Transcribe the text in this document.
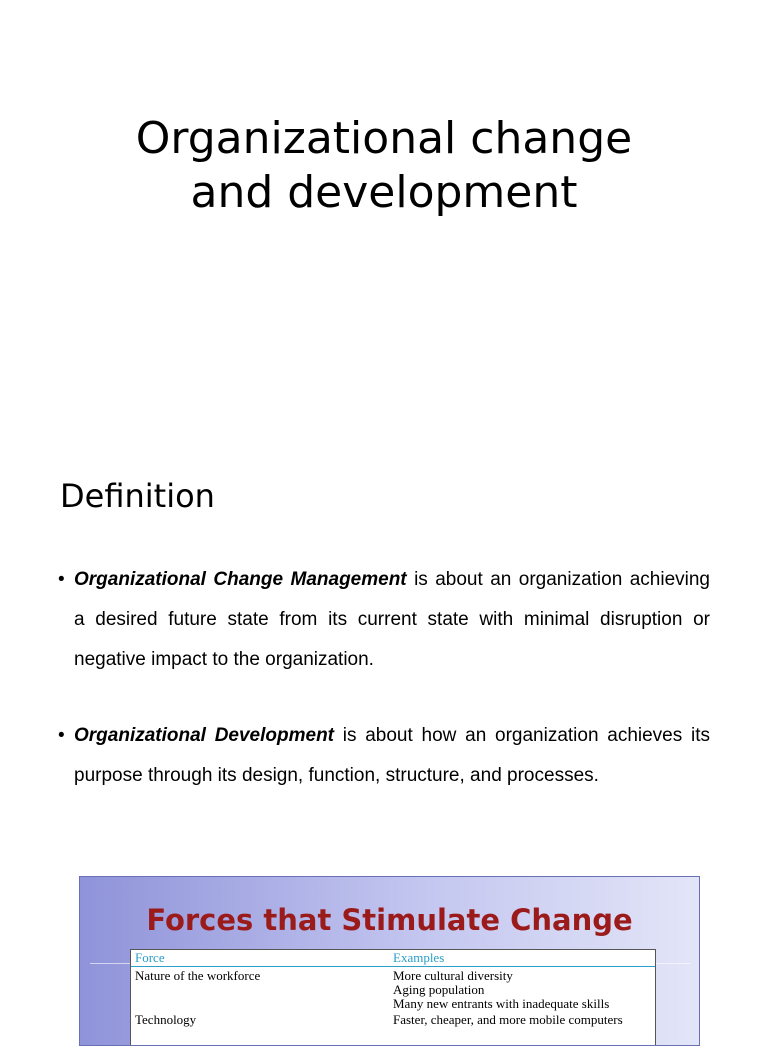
Organizational change
and development
Definition
• Organizational Change Management is about an organization achieving a desired future state from its current state with minimal disruption or negative impact to the organization.
• Organizational Development is about how an organization achieves its purpose through its design, function, structure, and processes.
Forces that Stimulate Change
Force	Examples
Nature of the workforce	More cultural diversity
Aging population
Many new entrants with inadequate skills
Technology	Faster, cheaper, and more mobile computers
